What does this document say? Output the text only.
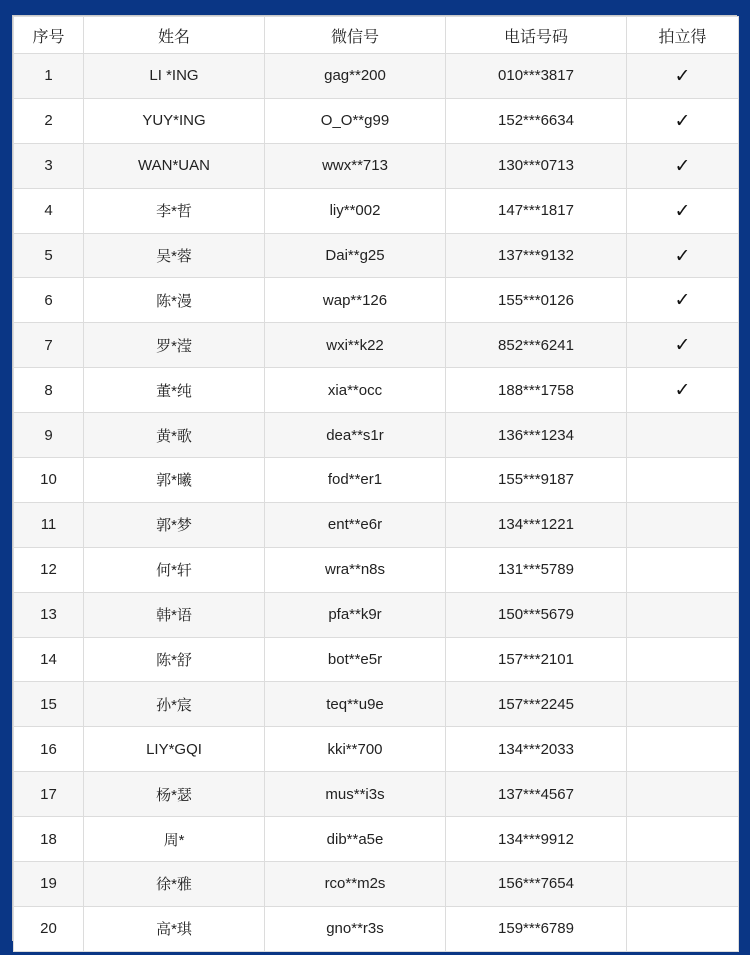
序号	姓名	微信号	电话号码	拍立得
1	LI *ING	gag**200	010***3817	✓
2	YUY*ING	O_O**g99	152***6634	✓
3	WAN*UAN	wwx**713	130***0713	✓
4	李*哲	liy**002	147***1817	✓
5	吴*蓉	Dai**g25	137***9132	✓
6	陈*漫	wap**126	155***0126	✓
7	罗*滢	wxi**k22	852***6241	✓
8	董*纯	xia**occ	188***1758	✓
9	黄*歌	dea**s1r	136***1234	
10	郭*曦	fod**er1	155***9187	
11	郭*梦	ent**e6r	134***1221	
12	何*轩	wra**n8s	131***5789	
13	韩*语	pfa**k9r	150***5679	
14	陈*舒	bot**e5r	157***2101	
15	孙*宸	teq**u9e	157***2245	
16	LIY*GQI	kki**700	134***2033	
17	杨*瑟	mus**i3s	137***4567	
18	周*	dib**a5e	134***9912	
19	徐*雅	rco**m2s	156***7654	
20	高*琪	gno**r3s	159***6789	
